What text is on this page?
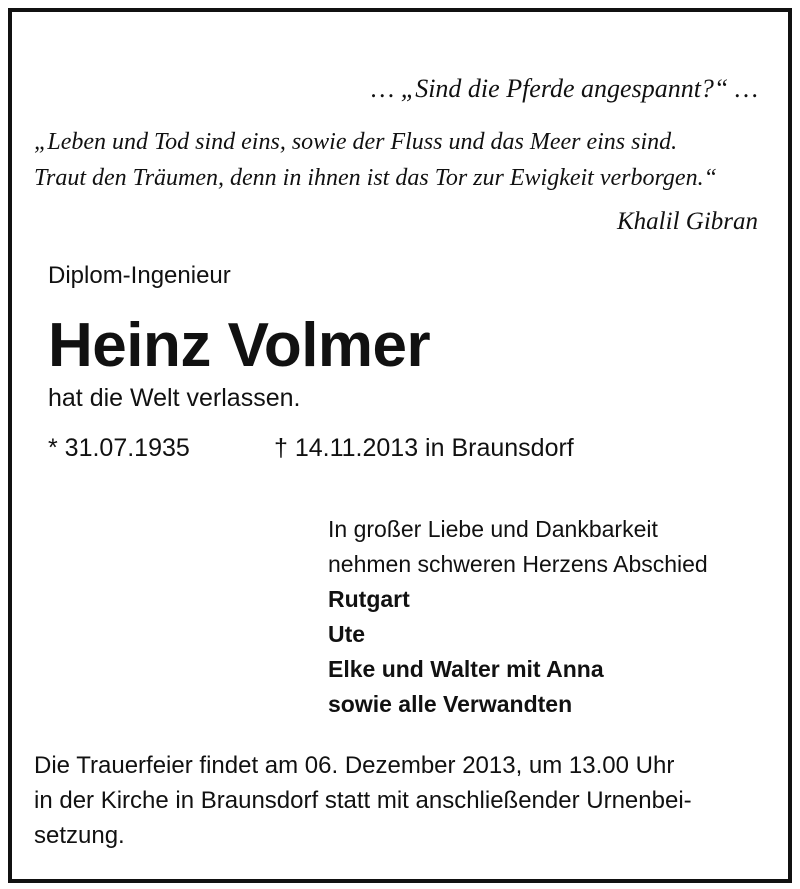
… „Sind die Pferde angespannt?“ …
„Leben und Tod sind eins, sowie der Fluss und das Meer eins sind.
Traut den Träumen, denn in ihnen ist das Tor zur Ewigkeit verborgen.“
Khalil Gibran
Diplom-Ingenieur
Heinz Volmer
hat die Welt verlassen.
* 31.07.1935	† 14.11.2013 in Braunsdorf
In großer Liebe und Dankbarkeit
nehmen schweren Herzens Abschied
Rutgart
Ute
Elke und Walter mit Anna
sowie alle Verwandten
Die Trauerfeier findet am 06. Dezember 2013, um 13.00 Uhr
in der Kirche in Braunsdorf statt mit anschließender Urnenbei-
setzung.
